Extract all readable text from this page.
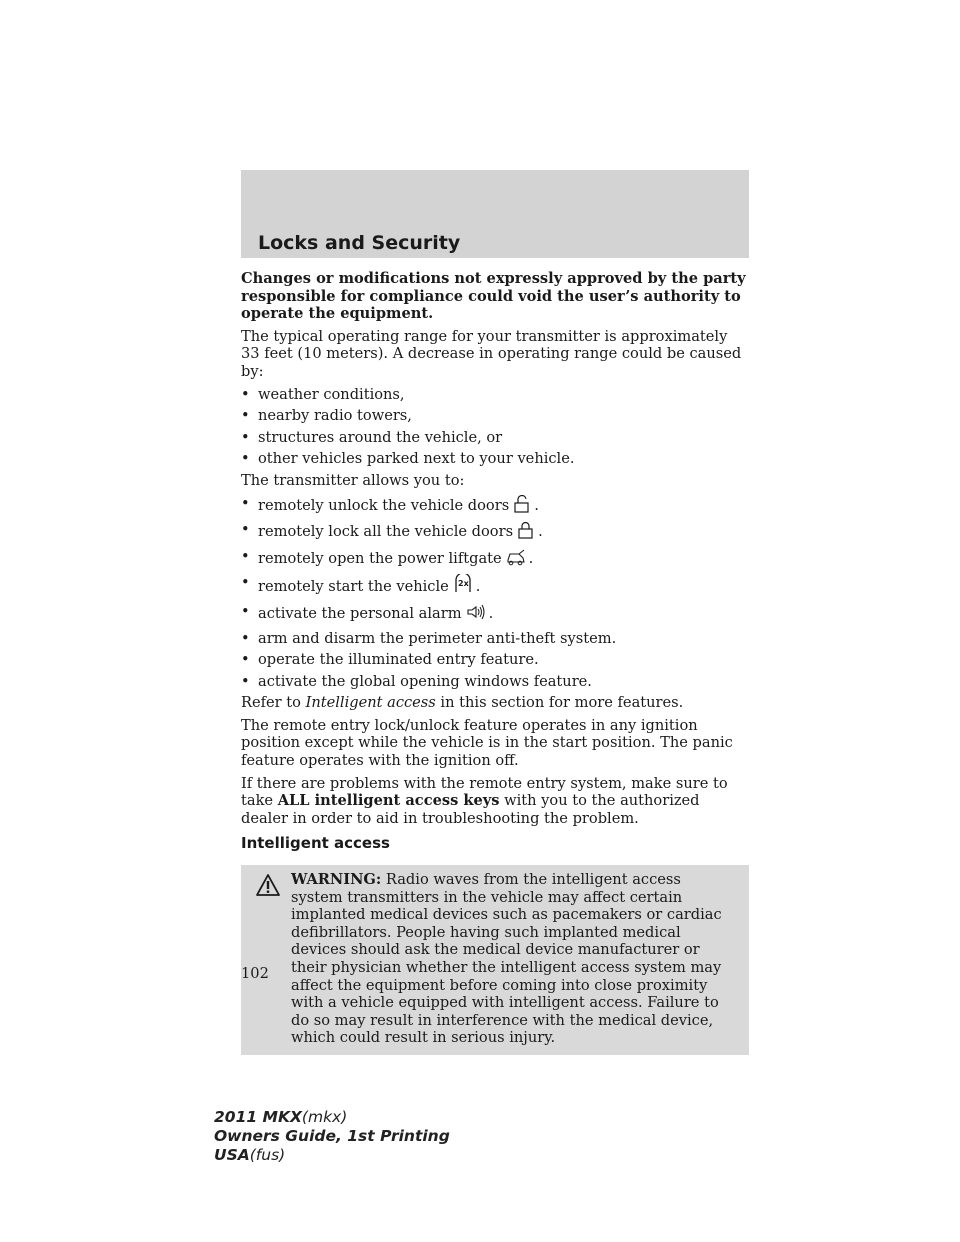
Locks and Security

Changes or modifications not expressly approved by the party responsible for compliance could void the user’s authority to operate the equipment.

The typical operating range for your transmitter is approximately 33 feet (10 meters). A decrease in operating range could be caused by:

• weather conditions,
• nearby radio towers,
• structures around the vehicle, or
• other vehicles parked next to your vehicle.

The transmitter allows you to:

• remotely unlock the vehicle doors .
• remotely lock all the vehicle doors .
• remotely open the power liftgate .
• remotely start the vehicle 2x .
• activate the personal alarm .
• arm and disarm the perimeter anti-theft system.
• operate the illuminated entry feature.
• activate the global opening windows feature.

Refer to Intelligent access in this section for more features.

The remote entry lock/unlock feature operates in any ignition position except while the vehicle is in the start position. The panic feature operates with the ignition off.

If there are problems with the remote entry system, make sure to take ALL intelligent access keys with you to the authorized dealer in order to aid in troubleshooting the problem.

Intelligent access
WARNING: Radio waves from the intelligent access system transmitters in the vehicle may affect certain implanted medical devices such as pacemakers or cardiac defibrillators. People having such implanted medical devices should ask the medical device manufacturer or their physician whether the intelligent access system may affect the equipment before coming into close proximity with a vehicle equipped with intelligent access. Failure to do so may result in interference with the medical device, which could result in serious injury.
102
2011 MKX(mkx)
Owners Guide, 1st Printing
USA(fus)
